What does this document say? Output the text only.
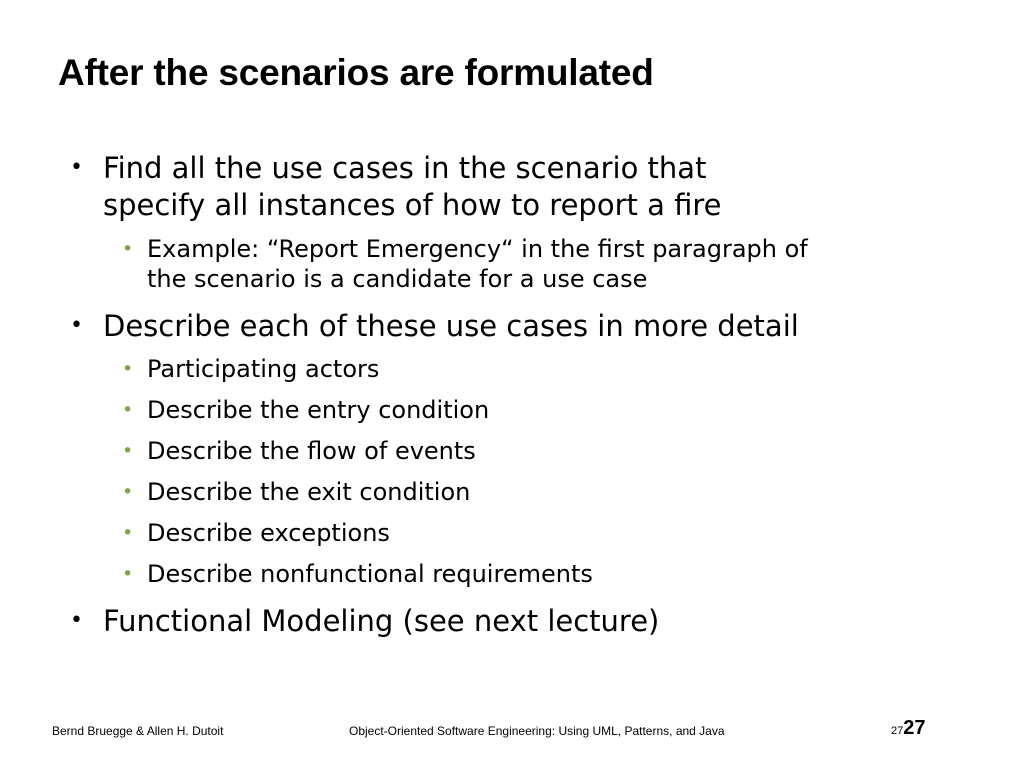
After the scenarios are formulated
• Find all the use cases in the scenario that
specify all instances of how to report a fire
• Example: “Report Emergency“ in the first paragraph of
the scenario is a candidate for a use case
• Describe each of these use cases in more detail
• Participating actors
• Describe the entry condition
• Describe the flow of events
• Describe the exit condition
• Describe exceptions
• Describe nonfunctional requirements
• Functional Modeling (see next lecture)
Bernd Bruegge & Allen H. Dutoit	Object-Oriented Software Engineering: Using UML, Patterns, and Java	2727
